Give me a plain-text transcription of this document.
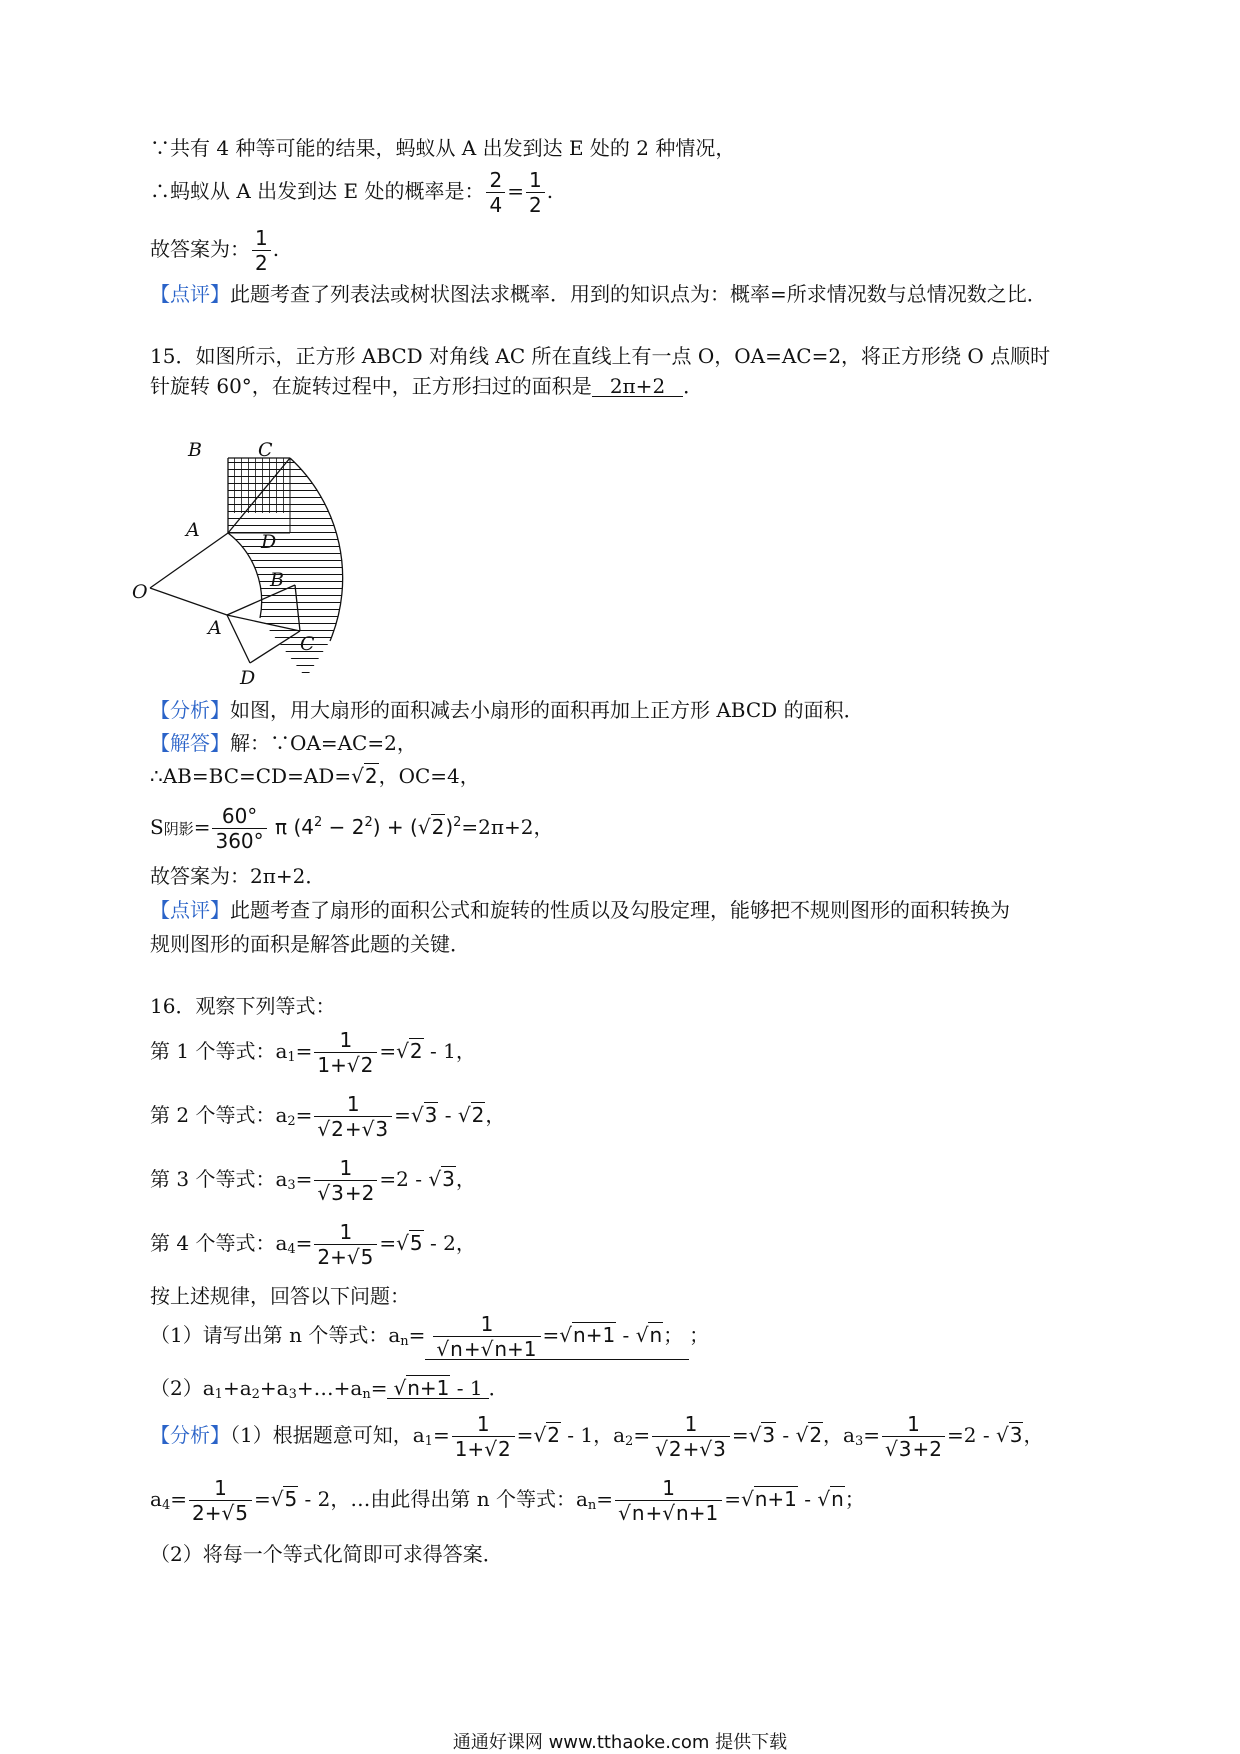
∵共有 4 种等可能的结果，蚂蚁从 A 出发到达 E 处的 2 种情况，
∴蚂蚁从 A 出发到达 E 处的概率是： $\frac{2}{4} = \frac{1}{2}$ .
故答案为： $\frac{1}{2}$ .
【点评】此题考查了列表法或树状图法求概率．用到的知识点为：概率=所求情况数与总情况数之比．
15．如图所示，正方形 ABCD 对角线 AC 所在直线上有一点 O，OA=AC=2，将正方形绕 O 点顺时
针旋转 60°，在旋转过程中，正方形扫过的面积是 2π+2 ．
B	C
A
D
O
B
A
C
D
【分析】如图，用大扇形的面积减去小扇形的面积再加上正方形 ABCD 的面积．
【解答】解：∵OA=AC=2，
∴AB=BC=CD=AD=√2，OC=4，
S阴影= $\frac{60^\circ}{360^\circ}$ π $(4^2 - 2^2) + (√2)^2=2\pi+2$，
故答案为：2π+2．
【点评】此题考查了扇形的面积公式和旋转的性质以及勾股定理，能够把不规则图形的面积转换为
规则图形的面积是解答此题的关键．
16．观察下列等式：
第 1 个等式：$a_1= \frac{1}{1+√2} =√2 - 1$，
第 2 个等式：$a_2= \frac{1}{√2+√3} =√3 - √2$，
第 3 个等式：$a_3= \frac{1}{√3+2} =2 - √3$，
第 4 个等式：$a_4= \frac{1}{2+√5} =√5 - 2$，
按上述规律，回答以下问题：
（1）请写出第 n 个等式：$a_n= \frac{1}{√n+√n+1} =√n+1 - √n$； ；
$(2)a_1+a_2+a_3+\dots+a_n= √n+1 - 1$ ．
【分析】（1）根据题意可知，$a_1= \frac{1}{1+√2} =√2 - 1$，$a_2= \frac{1}{√2+√3} =√3 - √2$，$a_3= \frac{1}{√3+2} =2 - √3$，
$a_4= \frac{1}{2+√5} =√5 - 2$，…由此得出第 n 个等式：$a_n= \frac{1}{√n+√n+1} =√n+1 - √n$；
（2）将每一个等式化简即可求得答案．
通通好课网 www.tthaoke.com 提供下载
